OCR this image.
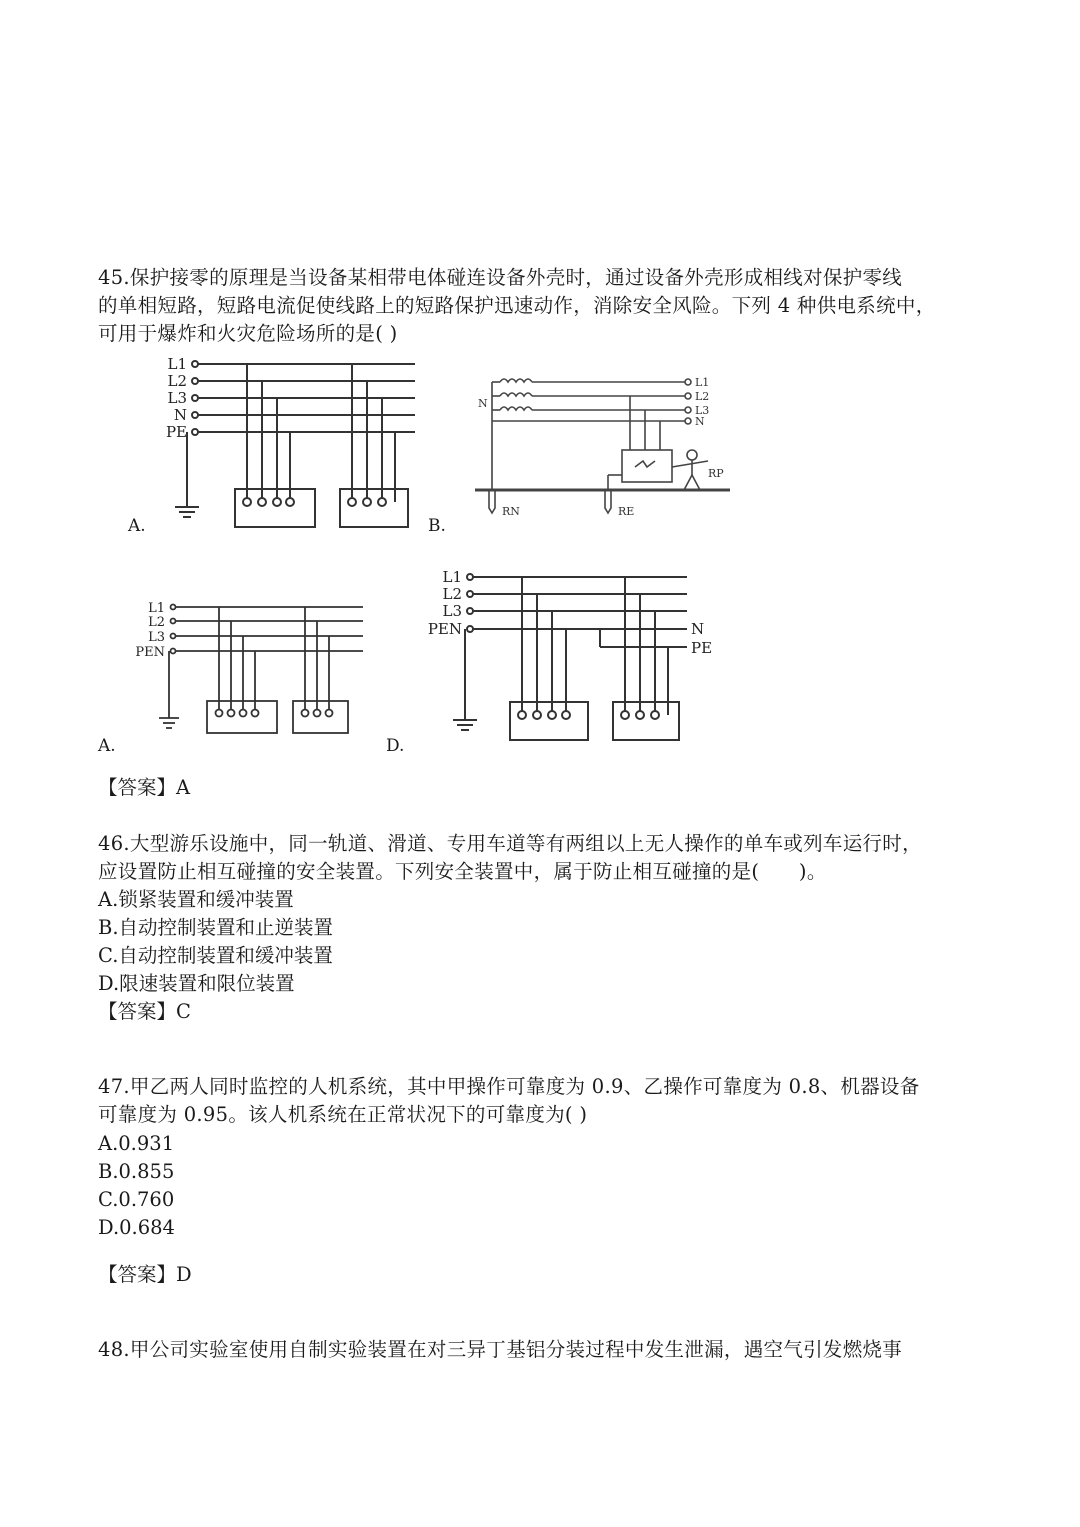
45.保护接零的原理是当设备某相带电体碰连设备外壳时，通过设备外壳形成相线对保护零线
的单相短路，短路电流促使线路上的短路保护迅速动作，消除安全风险。下列 4 种供电系统中，
可用于爆炸和火灾危险场所的是( )
L1
L2
L3
N
PE
A.
L1
L2
L3
N
N
RN	RE
RP
B.
L1
L2
L3
PEN
A.
L1
L2
L3
PEN	N
PE
D.
【答案】A
46.大型游乐设施中，同一轨道、滑道、专用车道等有两组以上无人操作的单车或列车运行时，
应设置防止相互碰撞的安全装置。下列安全装置中，属于防止相互碰撞的是(　　)。
A.锁紧装置和缓冲装置
B.自动控制装置和止逆装置
C.自动控制装置和缓冲装置
D.限速装置和限位装置
【答案】C
47.甲乙两人同时监控的人机系统，其中甲操作可靠度为 0.9、乙操作可靠度为 0.8、机器设备
可靠度为 0.95。该人机系统在正常状况下的可靠度为( )
A.0.931
B.0.855
C.0.760
D.0.684
【答案】D
48.甲公司实验室使用自制实验装置在对三异丁基铝分装过程中发生泄漏，遇空气引发燃烧事
